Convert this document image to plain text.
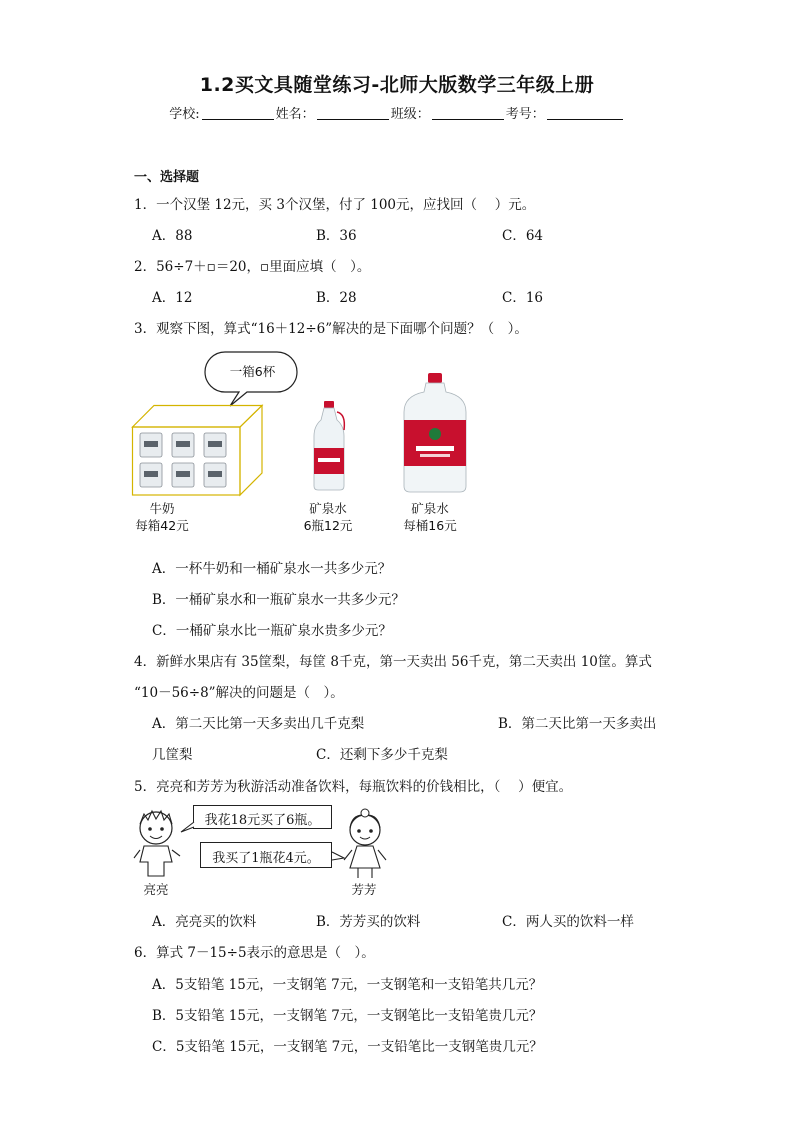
1.2买文具随堂练习-北师大版数学三年级上册
学校:	姓名：	班级：	考号：
一、选择题
1．一个汉堡 12元，买 3个汉堡，付了 100元，应找回（　 ）元。
A．88	B．36	C．64
2．56÷7＋▫＝20，▫里面应填（　）。
A．12	B．28	C．16
3．观察下图，算式“16＋12÷6”解决的是下面哪个问题？（　）。
一箱6杯
牛奶
每箱42元
矿泉水
6瓶12元
矿泉水
每桶16元
A．一杯牛奶和一桶矿泉水一共多少元？
B．一桶矿泉水和一瓶矿泉水一共多少元？
C．一桶矿泉水比一瓶矿泉水贵多少元？
4．新鲜水果店有 35筐梨，每筐 8千克，第一天卖出 56千克，第二天卖出 10筐。算式
“10－56÷8”解决的问题是（　）。
A．第二天比第一天多卖出几千克梨	B．第二天比第一天多卖出
几筐梨	C．还剩下多少千克梨
5．亮亮和芳芳为秋游活动准备饮料，每瓶饮料的价钱相比，（　 ）便宜。
亮亮
我花18元买了6瓶。
我买了1瓶花4元。
芳芳
A．亮亮买的饮料	B．芳芳买的饮料	C．两人买的饮料一样
6．算式 7－15÷5表示的意思是（　）。
A．5支铅笔 15元，一支钢笔 7元，一支钢笔和一支铅笔共几元？
B．5支铅笔 15元，一支钢笔 7元，一支钢笔比一支铅笔贵几元？
C．5支铅笔 15元，一支钢笔 7元，一支铅笔比一支钢笔贵几元？
